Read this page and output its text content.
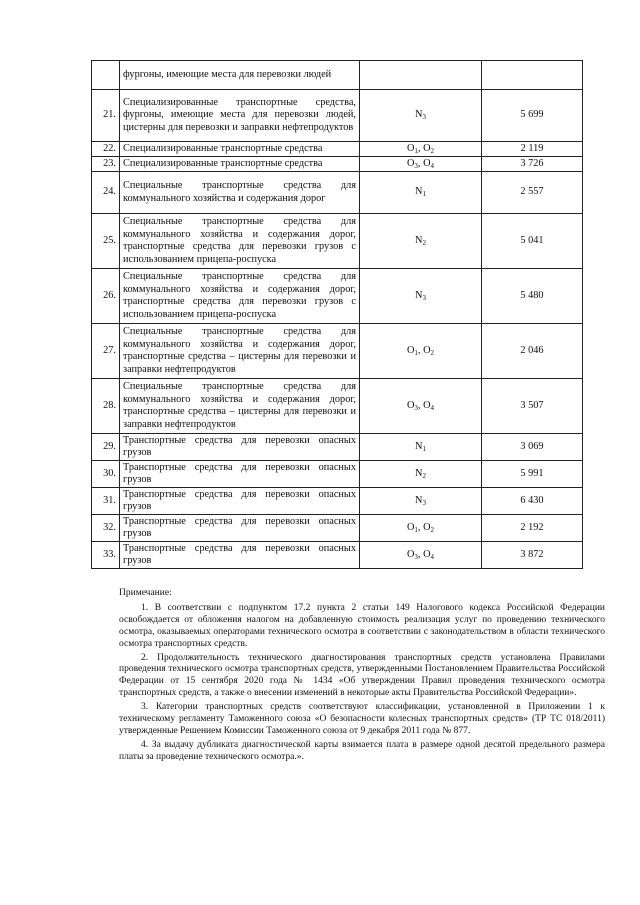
	фургоны, имеющие места для перевозки людей		
21.	Специализированные транспортные средства, фургоны, имеющие места для перевозки людей, цистерны для перевозки и заправки нефтепродуктов	$N_3$	5 699
22.	Специализированные транспортные средства	$O_1$, $O_2$	2 119
23.	Специализированные транспортные средства	$O_3$, $O_4$	3 726
24.	Специальные транспортные средства для коммунального хозяйства и содержания дорог	$N_1$	2 557
25.	Специальные транспортные средства для коммунального хозяйства и содержания дорог, транспортные средства для перевозки грузов с использованием прицепа-роспуска	$N_2$	5 041
26.	Специальные транспортные средства для коммунального хозяйства и содержания дорог, транспортные средства для перевозки грузов с использованием прицепа-роспуска	$N_3$	5 480
27.	Специальные транспортные средства для коммунального хозяйства и содержания дорог, транспортные средства – цистерны для перевозки и заправки нефтепродуктов	$O_1$, $O_2$	2 046
28.	Специальные транспортные средства для коммунального хозяйства и содержания дорог, транспортные средства – цистерны для перевозки и заправки нефтепродуктов	$O_3$, $O_4$	3 507
29.	Транспортные средства для перевозки опасных грузов	$N_1$	3 069
30.	Транспортные средства для перевозки опасных грузов	$N_2$	5 991
31.	Транспортные средства для перевозки опасных грузов	$N_3$	6 430
32.	Транспортные средства для перевозки опасных грузов	$O_1$, $O_2$	2 192
33.	Транспортные средства для перевозки опасных грузов	$O_3$, $O_4$	3 872

Примечание:

1. В соответствии с подпунктом 17.2 пункта 2 статьи 149 Налогового кодекса Российской Федерации освобождается от обложения налогом на добавленную стоимость реализация услуг по проведению технического осмотра, оказываемых операторами технического осмотра в соответствии с законодательством в области технического осмотра транспортных средств.

2. Продолжительность технического диагностирования транспортных средств установлена Правилами проведения технического осмотра транспортных средств, утвержденными Постановлением Правительства Российской Федерации от 15 сентября 2020 года № 1434 «Об утверждении Правил проведения технического осмотра транспортных средств, а также о внесении изменений в некоторые акты Правительства Российской Федерации».

3. Категории транспортных средств соответствуют классификации, установленной в Приложении 1 к техническому регламенту Таможенного союза «О безопасности колесных транспортных средств» (ТР ТС 018/2011) утвержденные Решением Комиссии Таможенного союза от 9 декабря 2011 года № 877.

4. За выдачу дубликата диагностической карты взимается плата в размере одной десятой предельного размера платы за проведение технического осмотра.».
